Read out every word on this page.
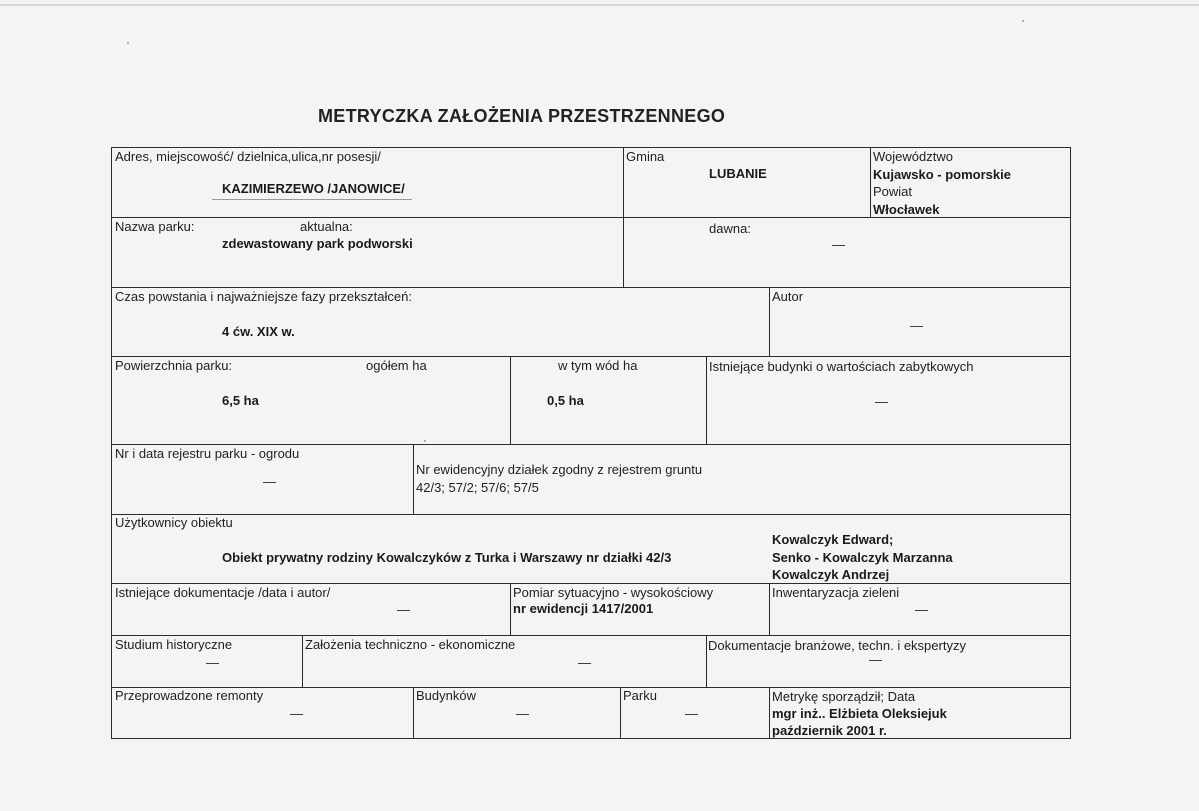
METRYCZKA ZAŁOŻENIA PRZESTRZENNEGO
Adres, miejscowość/ dzielnica,ulica,nr posesji/
KAZIMIERZEWO /JANOWICE/
Gmina
LUBANIE
Województwo
Kujawsko - pomorskie
Powiat
Włocławek
Nazwa parku:	aktualna:
zdewastowany park podworski
dawna:
—
Czas powstania i najważniejsze fazy przekształceń:
4 ćw. XIX w.
Autor
—
Powierzchnia parku:	ogółem ha
6,5 ha
w tym wód ha
0,5 ha
Istniejące budynki o wartościach zabytkowych
—
Nr i data rejestru parku - ogrodu
—
Nr ewidencyjny działek zgodny z rejestrem gruntu
42/3; 57/2; 57/6; 57/5
Użytkownicy obiektu
Obiekt prywatny rodziny Kowalczyków z Turka i Warszawy nr działki 42/3
Kowalczyk Edward;
Senko - Kowalczyk Marzanna
Kowalczyk Andrzej
Istniejące dokumentacje /data i autor/
—
Pomiar sytuacyjno - wysokościowy
nr ewidencji 1417/2001
Inwentaryzacja zieleni
—
Studium historyczne
—
Założenia techniczno - ekonomiczne
—
Dokumentacje branżowe, techn. i ekspertyzy
—
Przeprowadzone remonty
—
Budynków
—
Parku
—
Metrykę sporządził; Data
mgr inż.. Elżbieta Oleksiejuk
październik 2001 r.
